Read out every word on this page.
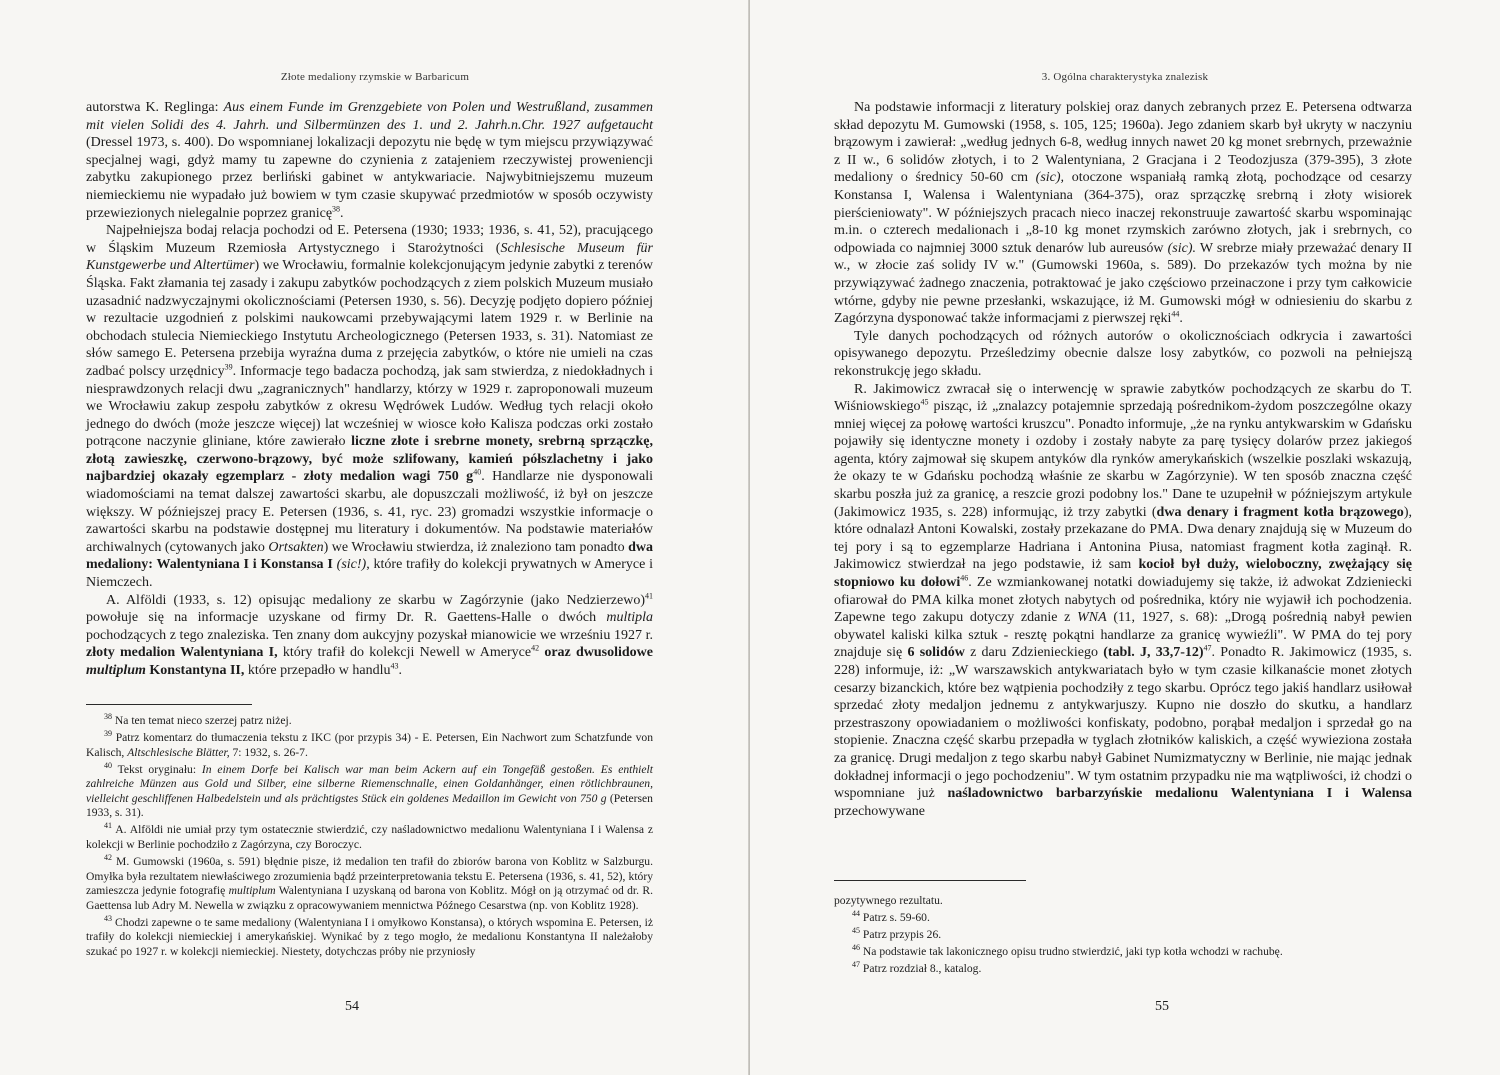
Złote medaliony rzymskie w Barbaricum

autorstwa K. Reglinga: Aus einem Funde im Grenzgebiete von Polen und Westrußland, zusammen mit vielen Solidi des 4. Jahrh. und Silbermünzen des 1. und 2. Jahrh.n.Chr. 1927 aufgetaucht (Dressel 1973, s. 400). Do wspomnianej lokalizacji depozytu nie będę w tym miejscu przywiązywać specjalnej wagi, gdyż mamy tu zapewne do czynienia z zatajeniem rzeczywistej proweniencji zabytku zakupionego przez berliński gabinet w antykwariacie. Najwybitniejszemu muzeum niemieckiemu nie wypadało już bowiem w tym czasie skupywać przedmiotów w sposób oczywisty przewiezionych nielegalnie poprzez granicę$^{38}$.

Najpełniejsza bodaj relacja pochodzi od E. Petersena (1930; 1933; 1936, s. 41, 52), pracującego w Śląskim Muzeum Rzemiosła Artystycznego i Starożytności (Schlesische Museum für Kunstgewerbe und Altertümer) we Wrocławiu, formalnie kolekcjonującym jedynie zabytki z terenów Śląska. Fakt złamania tej zasady i zakupu zabytków pochodzących z ziem polskich Muzeum musiało uzasadnić nadzwyczajnymi okolicznościami (Petersen 1930, s. 56). Decyzję podjęto dopiero później w rezultacie uzgodnień z polskimi naukowcami przebywającymi latem 1929 r. w Berlinie na obchodach stulecia Niemieckiego Instytutu Archeologicznego (Petersen 1933, s. 31). Natomiast ze słów samego E. Petersena przebija wyraźna duma z przejęcia zabytków, o które nie umieli na czas zadbać polscy urzędnicy$^{39}$. Informacje tego badacza pochodzą, jak sam stwierdza, z niedokładnych i niesprawdzonych relacji dwu „zagranicznych" handlarzy, którzy w 1929 r. zaproponowali muzeum we Wrocławiu zakup zespołu zabytków z okresu Wędrówek Ludów. Według tych relacji około jednego do dwóch (może jeszcze więcej) lat wcześniej w wiosce koło Kalisza podczas orki zostało potrącone naczynie gliniane, które zawierało liczne złote i srebrne monety, srebrną sprzączkę, złotą zawieszkę, czerwono-brązowy, być może szlifowany, kamień półszlachetny i jako najbardziej okazały egzemplarz - złoty medalion wagi 750 $g^{40}$. Handlarze nie dysponowali wiadomościami na temat dalszej zawartości skarbu, ale dopuszczali możliwość, iż był on jeszcze większy. W późniejszej pracy E. Petersen (1936, s. 41, ryc. 23) gromadzi wszystkie informacje o zawartości skarbu na podstawie dostępnej mu literatury i dokumentów. Na podstawie materiałów archiwalnych (cytowanych jako Ortsakten) we Wrocławiu stwierdza, iż znaleziono tam ponadto dwa medaliony: Walentyniana I i Konstansa I (sic!), które trafiły do kolekcji prywatnych w Ameryce i Niemczech.

A. Alföldi (1933, s. 12) opisując medaliony ze skarbu w Zagórzynie (jako Nedzierzewo)$^{41}$ powołuje się na informacje uzyskane od firmy Dr. R. Gaettens-Halle o dwóch multipla pochodzących z tego znaleziska. Ten znany dom aukcyjny pozyskał mianowicie we wrześniu 1927 r. złoty medalion Walentyniana I, który trafił do kolekcji Newell w Ameryce$^{42}$ oraz dwusolidowe multiplum Konstantyna II, które przepadło w handlu$^{43}$.

$^{38}$ Na ten temat nieco szerzej patrz niżej.

$^{39}$ Patrz komentarz do tłumaczenia tekstu z IKC (por przypis 34) - E. Petersen, Ein Nachwort zum Schatzfunde von Kalisch, Altschlesische Blätter, 7: 1932, s. 26-7.

$^{40}$ Tekst oryginału: In einem Dorfe bei Kalisch war man beim Ackern auf ein Tongefäß gestoßen. Es enthielt zahlreiche Münzen aus Gold und Silber, eine silberne Riemenschnalle, einen Goldanhänger, einen rötlichbraunen, vielleicht geschliffenen Halbedelstein und als prächtigstes Stück ein goldenes Medaillon im Gewicht von 750 g (Petersen 1933, s. 31).

$^{41}$ A. Alföldi nie umiał przy tym ostatecznie stwierdzić, czy naśladownictwo medalionu Walentyniana I i Walensa z kolekcji w Berlinie pochodziło z Zagórzyna, czy Boroczyc.

$^{42}$ M. Gumowski (1960a, s. 591) błędnie pisze, iż medalion ten trafił do zbiorów barona von Koblitz w Salzburgu. Omyłka była rezultatem niewłaściwego zrozumienia bądź przeinterpretowania tekstu E. Petersena (1936, s. 41, 52), który zamieszcza jedynie fotografię multiplum Walentyniana I uzyskaną od barona von Koblitz. Mógł on ją otrzymać od dr. R. Gaettensa lub Adry M. Newella w związku z opracowywaniem mennictwa Późnego Cesarstwa (np. von Koblitz 1928).

$^{43}$ Chodzi zapewne o te same medaliony (Walentyniana I i omyłkowo Konstansa), o których wspomina E. Petersen, iż trafiły do kolekcji niemieckiej i amerykańskiej. Wynikać by z tego mogło, że medalionu Konstantyna II należałoby szukać po 1927 r. w kolekcji niemieckiej. Niestety, dotychczas próby nie przyniosły

54
3. Ogólna charakterystyka znalezisk

Na podstawie informacji z literatury polskiej oraz danych zebranych przez E. Petersena odtwarza skład depozytu M. Gumowski (1958, s. 105, 125; 1960a). Jego zdaniem skarb był ukryty w naczyniu brązowym i zawierał: „według jednych 6-8, według innych nawet 20 kg monet srebrnych, przeważnie z II w., 6 solidów złotych, i to 2 Walentyniana, 2 Gracjana i 2 Teodozjusza (379-395), 3 złote medaliony o średnicy 50-60 cm (sic), otoczone wspaniałą ramką złotą, pochodzące od cesarzy Konstansa I, Walensa i Walentyniana (364-375), oraz sprzączkę srebrną i złoty wisiorek pierścieniowaty". W późniejszych pracach nieco inaczej rekonstruuje zawartość skarbu wspominając m.in. o czterech medalionach i „8-10 kg monet rzymskich zarówno złotych, jak i srebrnych, co odpowiada co najmniej 3000 sztuk denarów lub aureusów (sic). W srebrze miały przeważać denary II w., w złocie zaś solidy IV w." (Gumowski 1960a, s. 589). Do przekazów tych można by nie przywiązywać żadnego znaczenia, potraktować je jako częściowo przeinaczone i przy tym całkowicie wtórne, gdyby nie pewne przesłanki, wskazujące, iż M. Gumowski mógł w odniesieniu do skarbu z Zagórzyna dysponować także informacjami z pierwszej ręki$^{44}$.

Tyle danych pochodzących od różnych autorów o okolicznościach odkrycia i zawartości opisywanego depozytu. Prześledzimy obecnie dalsze losy zabytków, co pozwoli na pełniejszą rekonstrukcję jego składu.

R. Jakimowicz zwracał się o interwencję w sprawie zabytków pochodzących ze skarbu do T. Wiśniowskiego$^{45}$ pisząc, iż „znalazcy potajemnie sprzedają pośrednikom-żydom poszczególne okazy mniej więcej za połowę wartości kruszcu". Ponadto informuje, „że na rynku antykwarskim w Gdańsku pojawiły się identyczne monety i ozdoby i zostały nabyte za parę tysięcy dolarów przez jakiegoś agenta, który zajmował się skupem antyków dla rynków amerykańskich (wszelkie poszlaki wskazują, że okazy te w Gdańsku pochodzą właśnie ze skarbu w Zagórzynie). W ten sposób znaczna część skarbu poszła już za granicę, a reszcie grozi podobny los." Dane te uzupełnił w późniejszym artykule (Jakimowicz 1935, s. 228) informując, iż trzy zabytki (dwa denary i fragment kotła brązowego), które odnalazł Antoni Kowalski, zostały przekazane do PMA. Dwa denary znajdują się w Muzeum do tej pory i są to egzemplarze Hadriana i Antonina Piusa, natomiast fragment kotła zaginął. R. Jakimowicz stwierdzał na jego podstawie, iż sam kocioł był duży, wieloboczny, zwężający się stopniowo ku dołowi$^{46}$. Ze wzmiankowanej notatki dowiadujemy się także, iż adwokat Zdzieniecki ofiarował do PMA kilka monet złotych nabytych od pośrednika, który nie wyjawił ich pochodzenia. Zapewne tego zakupu dotyczy zdanie z WNA (11, 1927, s. 68): „Drogą pośrednią nabył pewien obywatel kaliski kilka sztuk - resztę pokątni handlarze za granicę wywieźli". W PMA do tej pory znajduje się 6 solidów z daru Zdzienieckiego (tabl. J, 33,7-12)$^{47}$. Ponadto R. Jakimowicz (1935, s. 228) informuje, iż: „W warszawskich antykwariatach było w tym czasie kilkanaście monet złotych cesarzy bizanckich, które bez wątpienia pochodziły z tego skarbu. Oprócz tego jakiś handlarz usiłował sprzedać złoty medaljon jednemu z antykwarjuszy. Kupno nie doszło do skutku, a handlarz przestraszony opowiadaniem o możliwości konfiskaty, podobno, porąbał medaljon i sprzedał go na stopienie. Znaczna część skarbu przepadła w tyglach złotników kaliskich, a część wywieziona została za granicę. Drugi medaljon z tego skarbu nabył Gabinet Numizmatyczny w Berlinie, nie mając jednak dokładnej informacji o jego pochodzeniu". W tym ostatnim przypadku nie ma wątpliwości, iż chodzi o wspomniane już naśladownictwo barbarzyńskie medalionu Walentyniana I i Walensa przechowywane

pozytywnego rezultatu.

$^{44}$ Patrz s. 59-60.

$^{45}$ Patrz przypis 26.

$^{46}$ Na podstawie tak lakonicznego opisu trudno stwierdzić, jaki typ kotła wchodzi w rachubę.

$^{47}$ Patrz rozdział 8., katalog.

55
